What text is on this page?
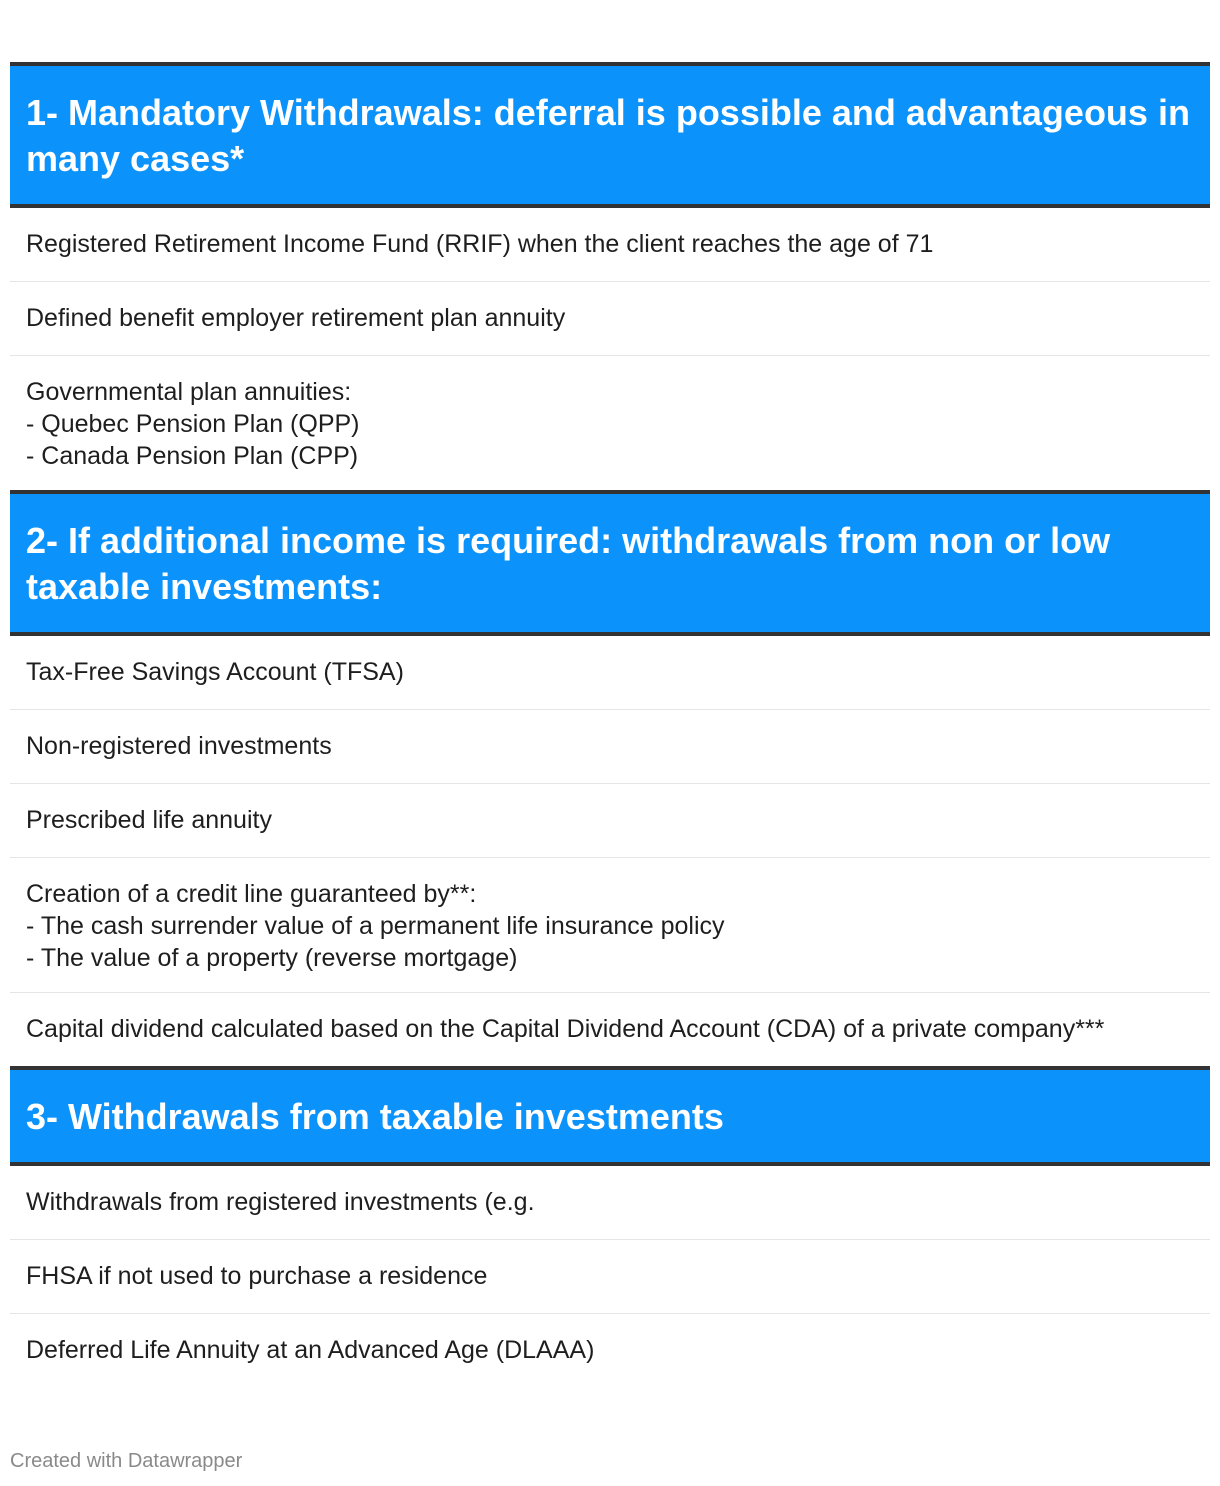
1- Mandatory Withdrawals: deferral is possible and advantageous in many cases*
Registered Retirement Income Fund (RRIF) when the client reaches the age of 71
Defined benefit employer retirement plan annuity
Governmental plan annuities:
- Quebec Pension Plan (QPP)
- Canada Pension Plan (CPP)
2- If additional income is required: withdrawals from non or low taxable investments:
Tax-Free Savings Account (TFSA)
Non-registered investments
Prescribed life annuity
Creation of a credit line guaranteed by**:
- The cash surrender value of a permanent life insurance policy
- The value of a property (reverse mortgage)
Capital dividend calculated based on the Capital Dividend Account (CDA) of a private company***
3- Withdrawals from taxable investments
Withdrawals from registered investments (e.g.
FHSA if not used to purchase a residence
Deferred Life Annuity at an Advanced Age (DLAAA)
Created with Datawrapper
